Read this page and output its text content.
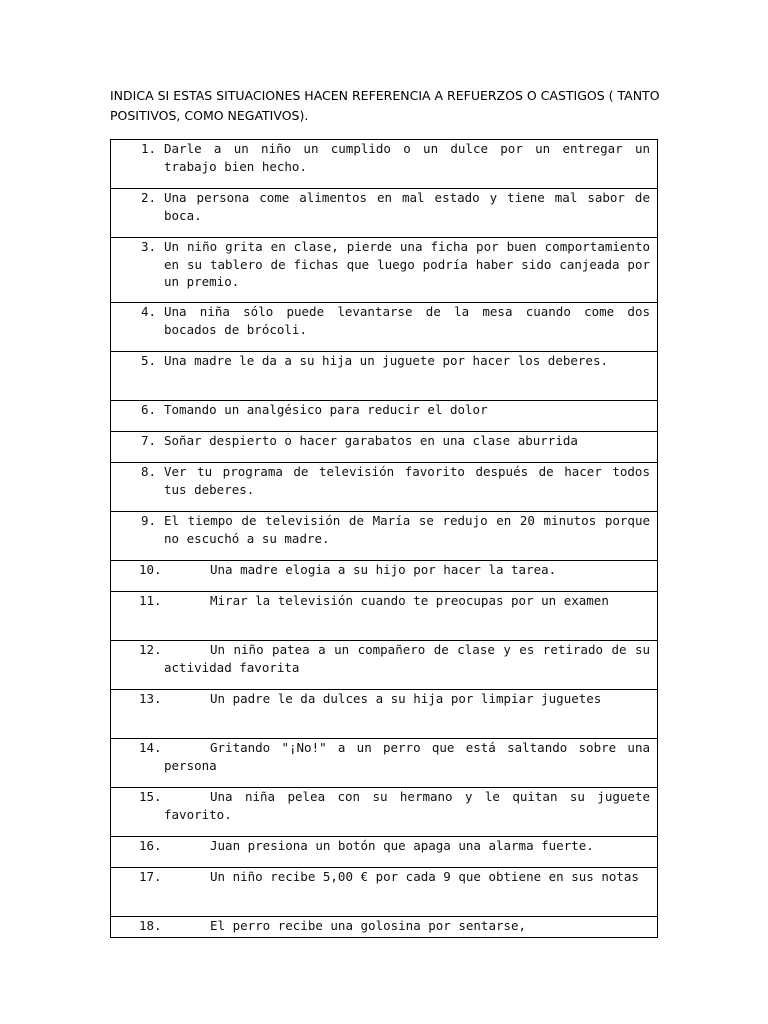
INDICA SI ESTAS SITUACIONES HACEN REFERENCIA A REFUERZOS O CASTIGOS ( TANTO POSITIVOS, COMO NEGATIVOS).
1. Darle a un niño un cumplido o un dulce por un entregar un trabajo bien hecho.

2. Una persona come alimentos en mal estado y tiene mal sabor de boca.

3. Un niño grita en clase, pierde una ficha por buen comportamiento en su tablero de fichas que luego podría haber sido canjeada por un premio.

4. Una niña sólo puede levantarse de la mesa cuando come dos bocados de brócoli.

5. Una madre le da a su hija un juguete por hacer los deberes.

6. Tomando un analgésico para reducir el dolor

7. Soñar despierto o hacer garabatos en una clase aburrida

8. Ver tu programa de televisión favorito después de hacer todos tus deberes.

9. El tiempo de televisión de María se redujo en 20 minutos porque no escuchó a su madre.

10.	Una madre elogia a su hijo por hacer la tarea.

11.	Mirar la televisión cuando te preocupas por un examen

12.	Un niño patea a un compañero de clase y es retirado de su actividad favorita

13.	Un padre le da dulces a su hija por limpiar juguetes

14.	Gritando "¡No!" a un perro que está saltando sobre una persona

15.	Una niña pelea con su hermano y le quitan su juguete favorito.

16.	Juan presiona un botón que apaga una alarma fuerte.

17.	Un niño recibe 5,00 € por cada 9 que obtiene en sus notas

18.	El perro recibe una golosina por sentarse,
